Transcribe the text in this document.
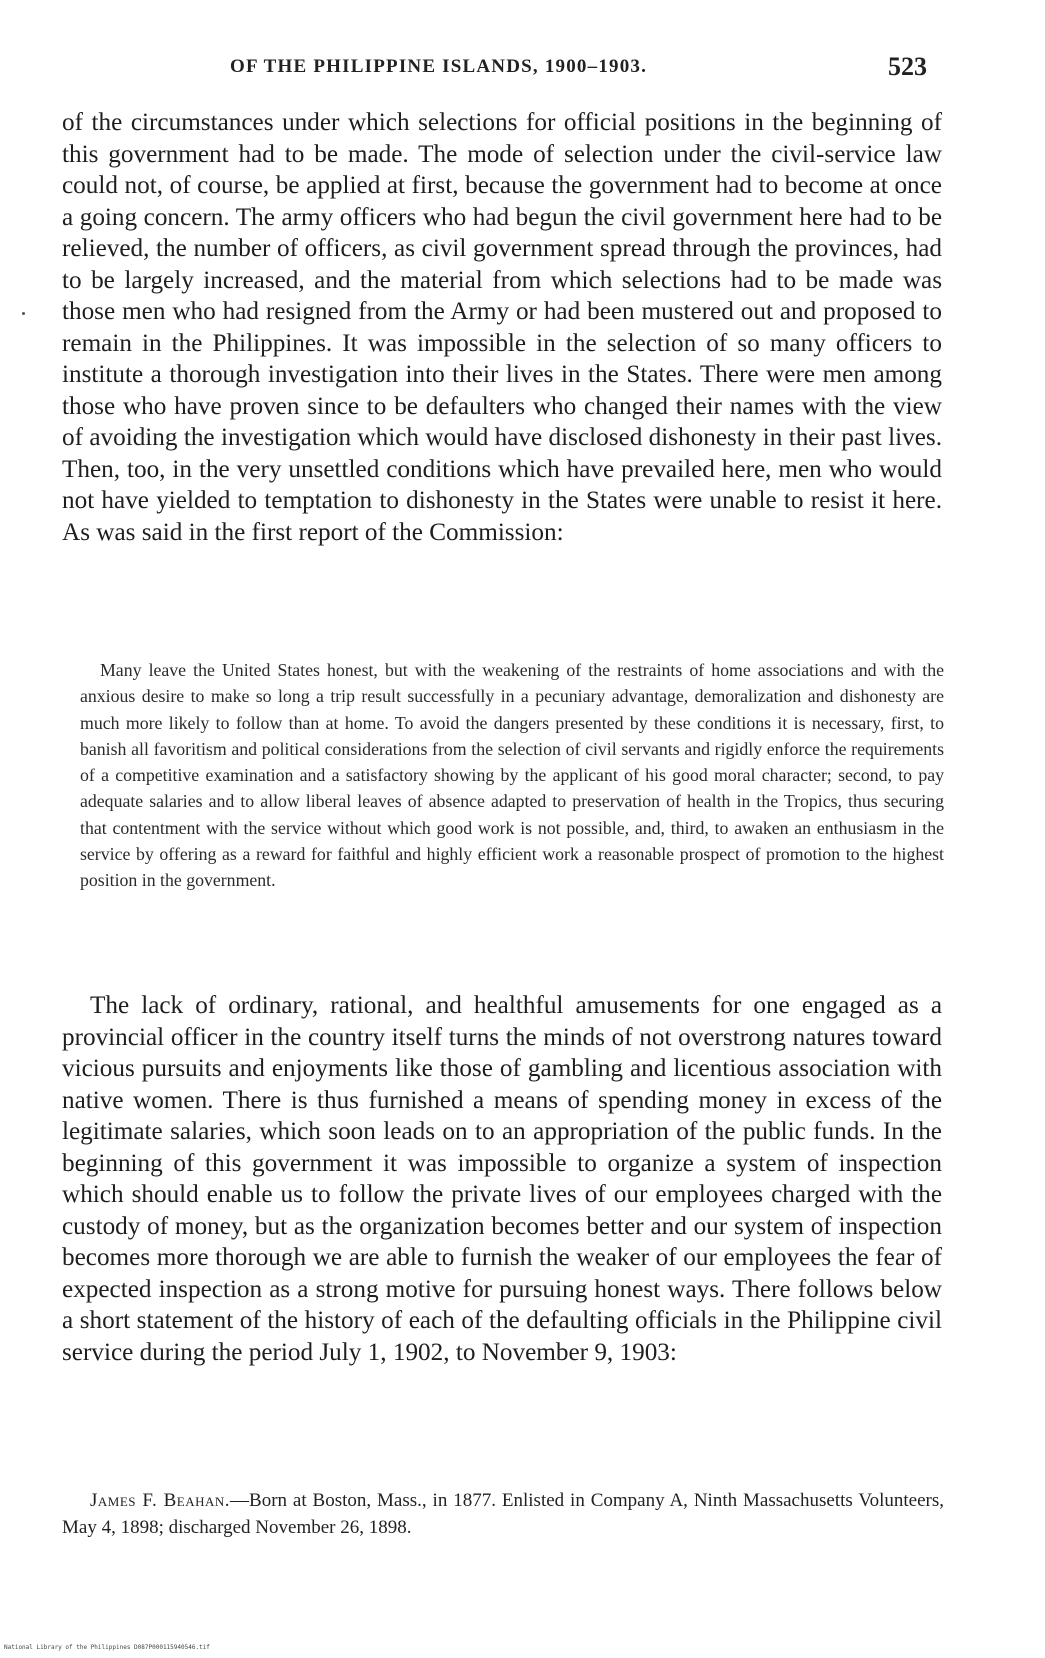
OF THE PHILIPPINE ISLANDS, 1900–1903.	523

of the circumstances under which selections for official positions in the beginning of this government had to be made. The mode of selection under the civil-service law could not, of course, be applied at first, because the government had to become at once a going concern. The army officers who had begun the civil government here had to be relieved, the number of officers, as civil government spread through the provinces, had to be largely increased, and the material from which selections had to be made was those men who had resigned from the Army or had been mustered out and proposed to remain in the Philippines. It was impossible in the selection of so many officers to institute a thorough investigation into their lives in the States. There were men among those who have proven since to be defaulters who changed their names with the view of avoiding the investigation which would have disclosed dishonesty in their past lives. Then, too, in the very unsettled conditions which have prevailed here, men who would not have yielded to temptation to dishonesty in the States were unable to resist it here. As was said in the first report of the Commission:

Many leave the United States honest, but with the weakening of the restraints of home associations and with the anxious desire to make so long a trip result successfully in a pecuniary advantage, demoralization and dishonesty are much more likely to follow than at home. To avoid the dangers presented by these conditions it is necessary, first, to banish all favoritism and political considerations from the selection of civil servants and rigidly enforce the requirements of a competitive examination and a satisfactory showing by the applicant of his good moral character; second, to pay adequate salaries and to allow liberal leaves of absence adapted to preservation of health in the Tropics, thus securing that contentment with the service without which good work is not possible, and, third, to awaken an enthusiasm in the service by offering as a reward for faithful and highly efficient work a reasonable prospect of promotion to the highest position in the government.

The lack of ordinary, rational, and healthful amusements for one engaged as a provincial officer in the country itself turns the minds of not overstrong natures toward vicious pursuits and enjoyments like those of gambling and licentious association with native women. There is thus furnished a means of spending money in excess of the legitimate salaries, which soon leads on to an appropriation of the public funds. In the beginning of this government it was impossible to organize a system of inspection which should enable us to follow the private lives of our employees charged with the custody of money, but as the organization becomes better and our system of inspection becomes more thorough we are able to furnish the weaker of our employees the fear of expected inspection as a strong motive for pursuing honest ways. There follows below a short statement of the history of each of the defaulting officials in the Philippine civil service during the period July 1, 1902, to November 9, 1903:

James F. Beahan.—Born at Boston, Mass., in 1877. Enlisted in Company A, Ninth Massachusetts Volunteers, May 4, 1898; discharged November 26, 1898.

National Library of the Philippines D087P000115940546.tif
